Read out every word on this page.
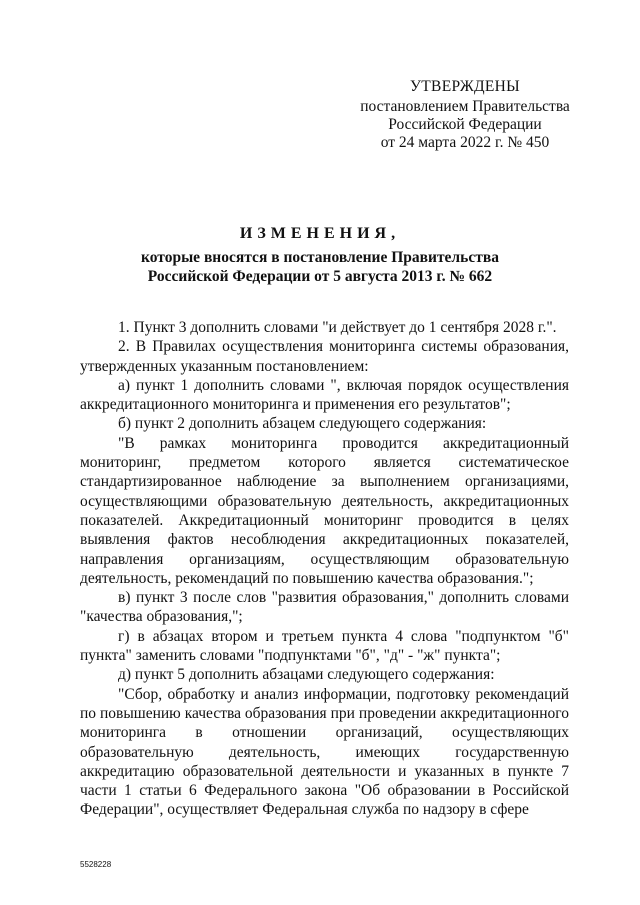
УТВЕРЖДЕНЫ
постановлением Правительства
Российской Федерации
от 24 марта 2022 г. № 450
ИЗМЕНЕНИЯ,
которые вносятся в постановление Правительства
Российской Федерации от 5 августа 2013 г. № 662

1. Пункт 3 дополнить словами "и действует до 1 сентября 2028 г.".

2. В Правилах осуществления мониторинга системы образования, утвержденных указанным постановлением:

а) пункт 1 дополнить словами ", включая порядок осуществления аккредитационного мониторинга и применения его результатов";

б) пункт 2 дополнить абзацем следующего содержания:

"В рамках мониторинга проводится аккредитационный мониторинг, предметом которого является систематическое стандартизированное наблюдение за выполнением организациями, осуществляющими образовательную деятельность, аккредитационных показателей. Аккредитационный мониторинг проводится в целях выявления фактов несоблюдения аккредитационных показателей, направления организациям, осуществляющим образовательную деятельность, рекомендаций по повышению качества образования.";

в) пункт 3 после слов "развития образования," дополнить словами "качества образования,";

г) в абзацах втором и третьем пункта 4 слова "подпунктом "б" пункта" заменить словами "подпунктами "б", "д" - "ж" пункта";

д) пункт 5 дополнить абзацами следующего содержания:

"Сбор, обработку и анализ информации, подготовку рекомендаций по повышению качества образования при проведении аккредитационного мониторинга в отношении организаций, осуществляющих образовательную деятельность, имеющих государственную аккредитацию образовательной деятельности и указанных в пункте 7 части 1 статьи 6 Федерального закона "Об образовании в Российской Федерации", осуществляет Федеральная служба по надзору в сфере

5528228
